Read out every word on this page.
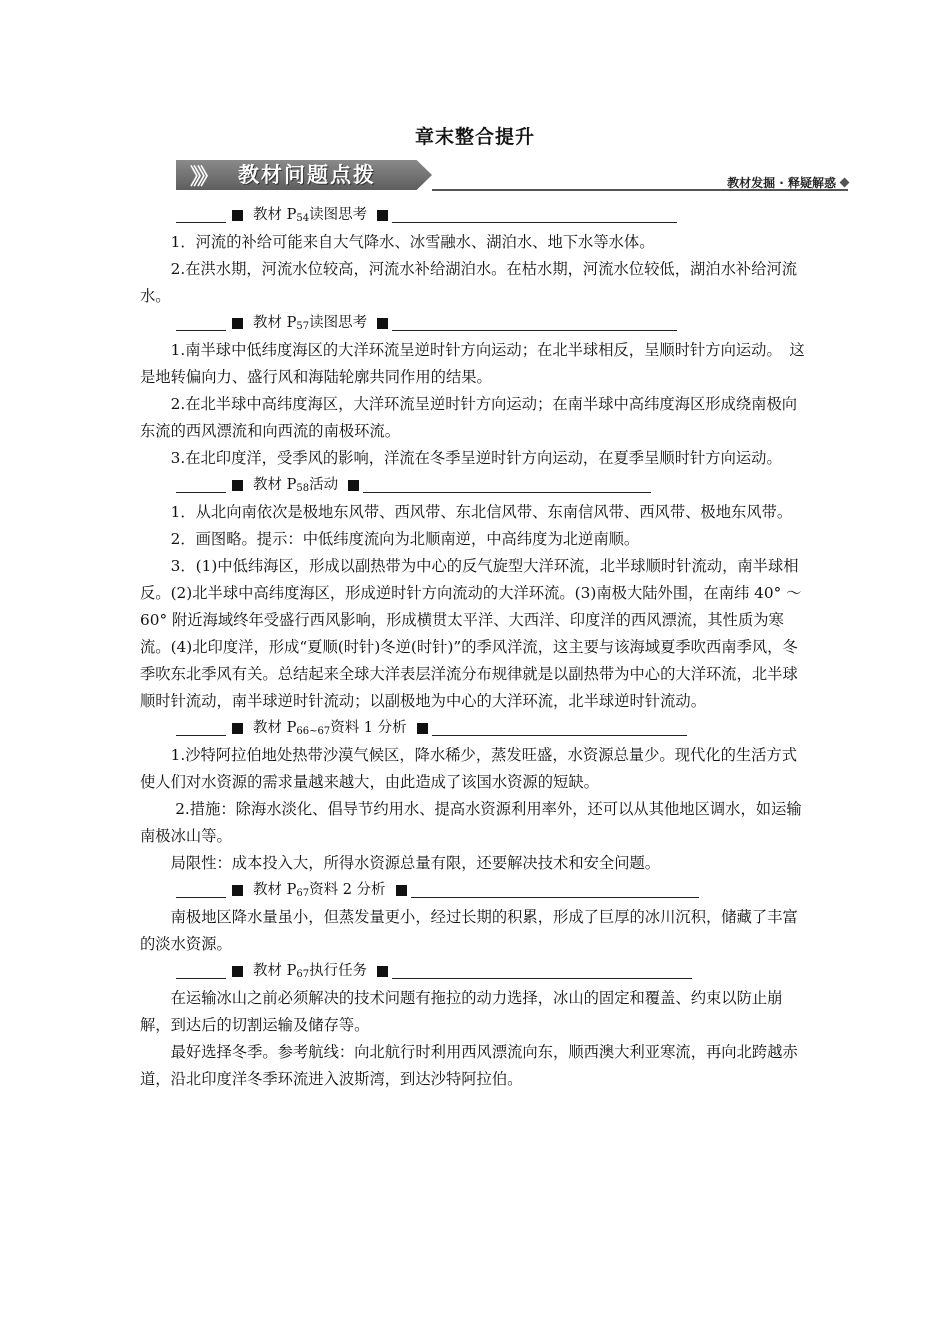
章末整合提升
》》 教材问题点拨	教材发掘 · 释疑解惑
教材 $P_{54}$读图思考

1．河流的补给可能来自大气降水、冰雪融水、湖泊水、地下水等水体。

2.在洪水期，河流水位较高，河流水补给湖泊水。在枯水期，河流水位较低，湖泊水补给河流水。

教材 $P_{57}$读图思考

1.南半球中低纬度海区的大洋环流呈逆时针方向运动；在北半球相反，呈顺时针方向运动。　这是地转偏向力、盛行风和海陆轮廓共同作用的结果。

2.在北半球中高纬度海区，大洋环流呈逆时针方向运动；在南半球中高纬度海区形成绕南极向东流的西风漂流和向西流的南极环流。

3.在北印度洋，受季风的影响，洋流在冬季呈逆时针方向运动，在夏季呈顺时针方向运动。

教材 $P_{58}$活动

1．从北向南依次是极地东风带、西风带、东北信风带、东南信风带、西风带、极地东风带。

2．画图略。提示：中低纬度流向为北顺南逆，中高纬度为北逆南顺。

3．(1)中低纬海区，形成以副热带为中心的反气旋型大洋环流，北半球顺时针流动，南半球相反。(2)北半球中高纬度海区，形成逆时针方向流动的大洋环流。(3)南极大陆外围，在南纬 40° ～60° 附近海域终年受盛行西风影响，形成横贯太平洋、大西洋、印度洋的西风漂流，其性质为寒流。(4)北印度洋，形成“夏顺(时针)冬逆(时针)”的季风洋流，这主要与该海域夏季吹西南季风，冬季吹东北季风有关。总结起来全球大洋表层洋流分布规律就是以副热带为中心的大洋环流，北半球顺时针流动，南半球逆时针流动；以副极地为中心的大洋环流，北半球逆时针流动。

教材 $P_{66\sim 67}$资料 1 分析

1.沙特阿拉伯地处热带沙漠气候区，降水稀少，蒸发旺盛，水资源总量少。现代化的生活方式使人们对水资源的需求量越来越大，由此造成了该国水资源的短缺。

2.措施：除海水淡化、倡导节约用水、提高水资源利用率外，还可以从其他地区调水，如运输南极冰山等。

局限性：成本投入大，所得水资源总量有限，还要解决技术和安全问题。

教材 $P_{67}$资料 2 分析

南极地区降水量虽小，但蒸发量更小，经过长期的积累，形成了巨厚的冰川沉积，储藏了丰富的淡水资源。

教材 $P_{67}$执行任务

在运输冰山之前必须解决的技术问题有拖拉的动力选择，冰山的固定和覆盖、约束以防止崩解，到达后的切割运输及储存等。

最好选择冬季。参考航线：向北航行时利用西风漂流向东，顺西澳大利亚寒流，再向北跨越赤道，沿北印度洋冬季环流进入波斯湾，到达沙特阿拉伯。
